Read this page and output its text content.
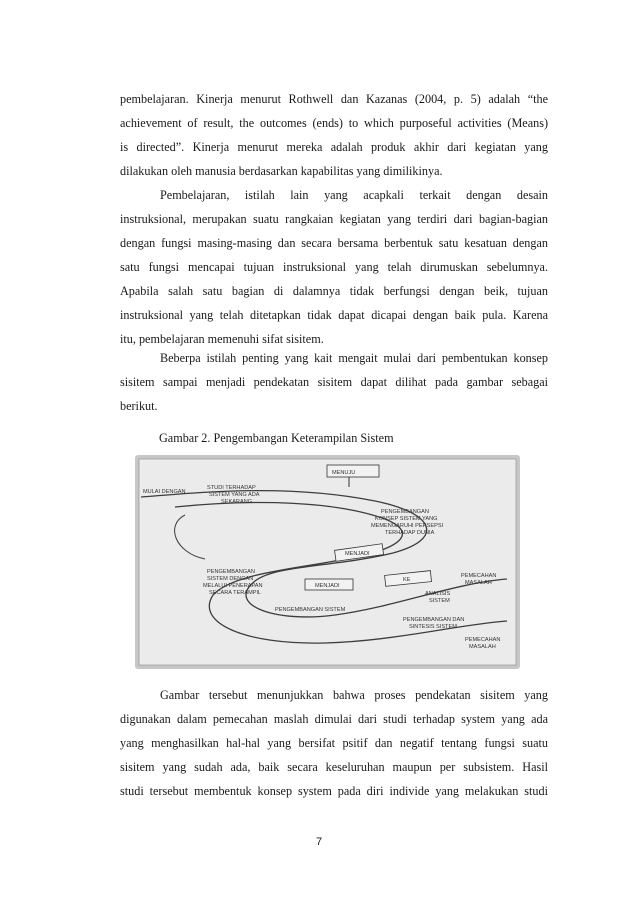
pembelajaran. Kinerja menurut Rothwell dan Kazanas (2004, p. 5) adalah “the
achievement of result, the outcomes (ends) to which purposeful activities (Means)
is directed”. Kinerja menurut mereka adalah produk akhir dari kegiatan yang
dilakukan oleh manusia berdasarkan kapabilitas yang dimilikinya.

Pembelajaran, istilah lain yang acapkali terkait dengan desain
instruksional, merupakan suatu rangkaian kegiatan yang terdiri dari bagian-bagian
dengan fungsi masing-masing dan secara bersama berbentuk satu kesatuan dengan
satu fungsi mencapai tujuan instruksional yang telah dirumuskan sebelumnya.
Apabila salah satu bagian di dalamnya tidak berfungsi dengan beik, tujuan
instruksional yang telah ditetapkan tidak dapat dicapai dengan baik pula. Karena
itu, pembelajaran memenuhi sifat sisitem.

Beberpa istilah penting yang kait mengait mulai dari pembentukan konsep
sisitem sampai menjadi pendekatan sisitem dapat dilihat pada gambar sebagai
berikut.

Gambar 2. Pengembangan Keterampilan Sistem
MENUJU
MENJADI
MENJADI
KE
MULAI DENGAN
STUDI TERHADAP
SISTEM YANG ADA
SEKARANG
PENGEMBANGAN
KONSEP SISTEM YANG
MEMENGARUHI PERSEPSI
TERHADAP DUNIA
PENGEMBANGAN
SISTEM DENGAN
MELALUI PENERAPAN
SECARA TERAMPIL	ANALISIS
SISTEM
PEMECAHAN
MASALAH
PENGEMBANGAN SISTEM
PENGEMBANGAN DAN
SINTESIS SISTEM
PEMECAHAN
MASALAH

Gambar tersebut menunjukkan bahwa proses pendekatan sisitem yang
digunakan dalam pemecahan maslah dimulai dari studi terhadap system yang ada
yang menghasilkan hal-hal yang bersifat psitif dan negatif tentang fungsi suatu
sisitem yang sudah ada, baik secara keseluruhan maupun per subsistem. Hasil
studi tersebut membentuk konsep system pada diri individe yang melakukan studi

7
